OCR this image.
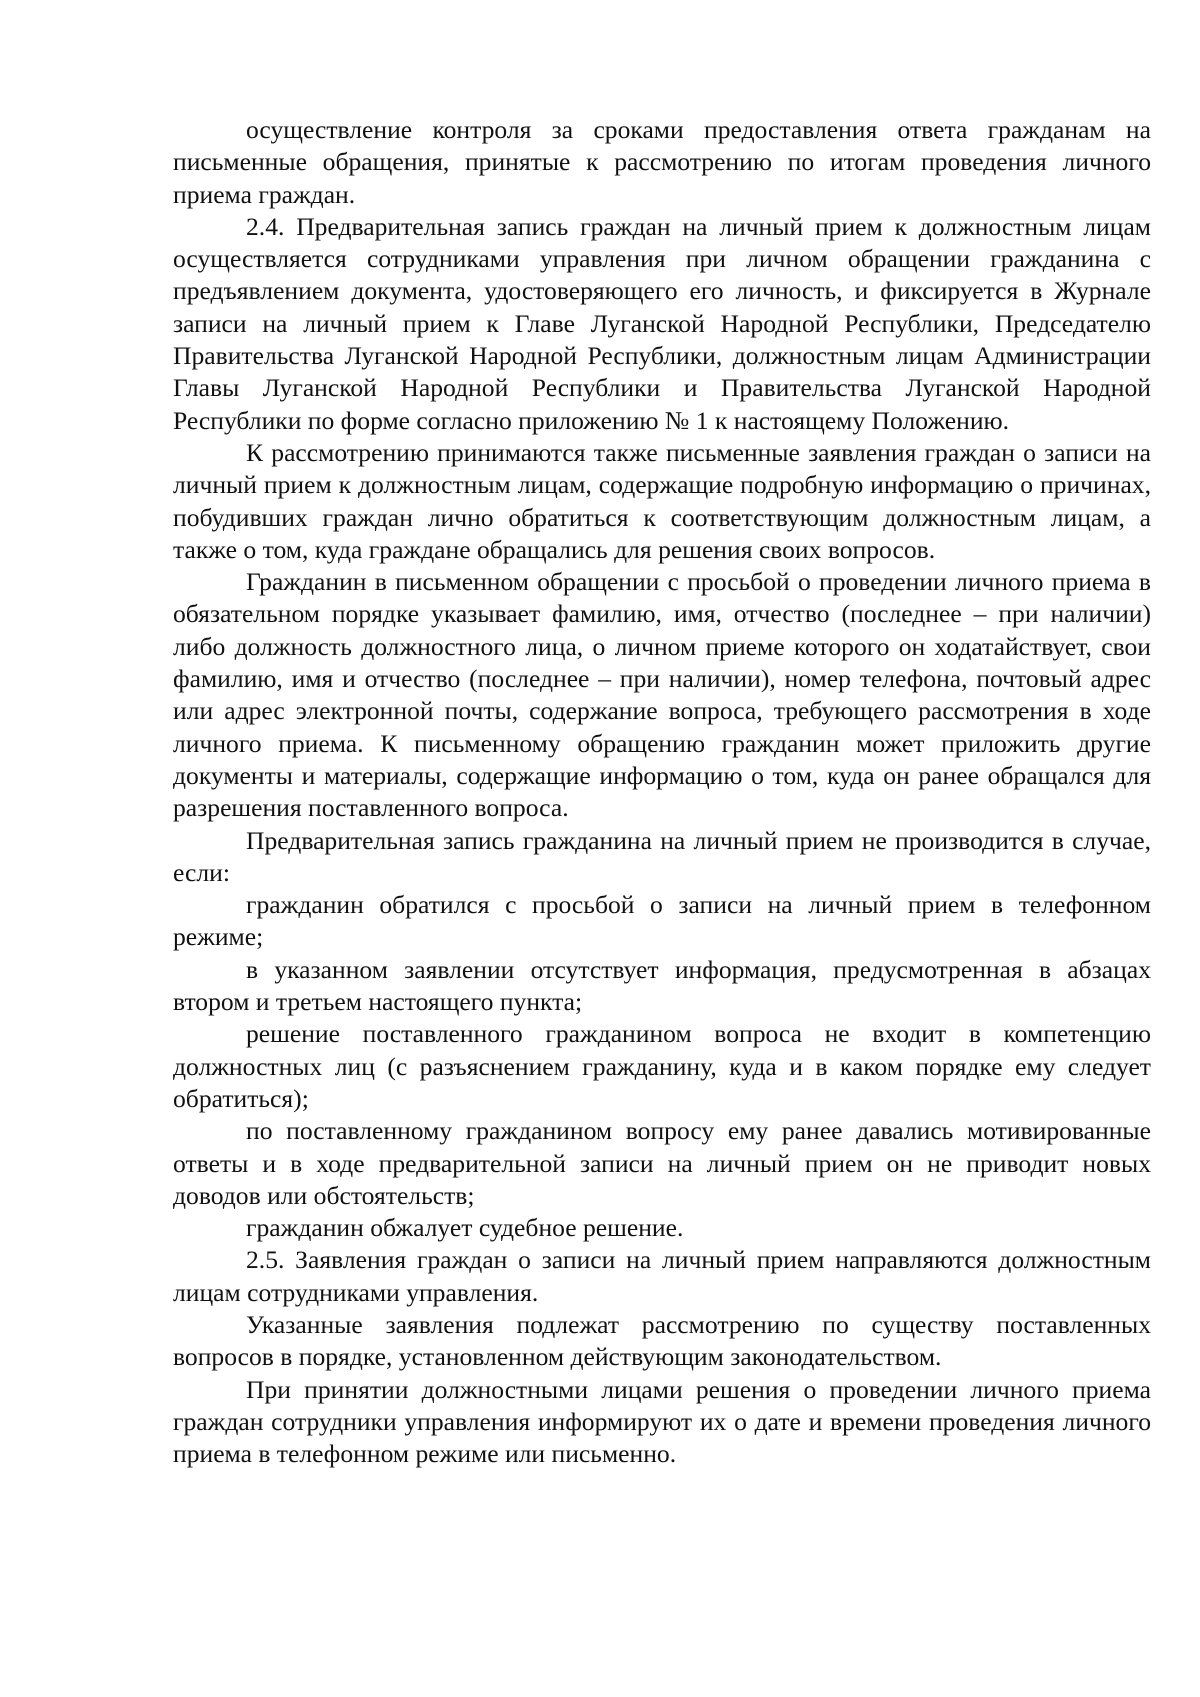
осуществление контроля за сроками предоставления ответа гражданам на письменные обращения, принятые к рассмотрению по итогам проведения личного приема граждан.

2.4. Предварительная запись граждан на личный прием к должностным лицам осуществляется сотрудниками управления при личном обращении гражданина с предъявлением документа, удостоверяющего его личность, и фиксируется в Журнале записи на личный прием к Главе Луганской Народной Республики, Председателю Правительства Луганской Народной Республики, должностным лицам Администрации Главы Луганской Народной Республики и Правительства Луганской Народной Республики по форме согласно приложению № 1 к настоящему Положению.

К рассмотрению принимаются также письменные заявления граждан о записи на личный прием к должностным лицам, содержащие подробную информацию о причинах, побудивших граждан лично обратиться к соответствующим должностным лицам, а также о том, куда граждане обращались для решения своих вопросов.

Гражданин в письменном обращении с просьбой о проведении личного приема в обязательном порядке указывает фамилию, имя, отчество (последнее – при наличии) либо должность должностного лица, о личном приеме которого он ходатайствует, свои фамилию, имя и отчество (последнее – при наличии), номер телефона, почтовый адрес или адрес электронной почты, содержание вопроса, требующего рассмотрения в ходе личного приема. К письменному обращению гражданин может приложить другие документы и материалы, содержащие информацию о том, куда он ранее обращался для разрешения поставленного вопроса.

Предварительная запись гражданина на личный прием не производится в случае, если:

гражданин обратился с просьбой о записи на личный прием в телефонном режиме;

в указанном заявлении отсутствует информация, предусмотренная в абзацах втором и третьем настоящего пункта;

решение поставленного гражданином вопроса не входит в компетенцию должностных лиц (с разъяснением гражданину, куда и в каком порядке ему следует обратиться);

по поставленному гражданином вопросу ему ранее давались мотивированные ответы и в ходе предварительной записи на личный прием он не приводит новых доводов или обстоятельств;

гражданин обжалует судебное решение.

2.5. Заявления граждан о записи на личный прием направляются должностным лицам сотрудниками управления.

Указанные заявления подлежат рассмотрению по существу поставленных вопросов в порядке, установленном действующим законодательством.

При принятии должностными лицами решения о проведении личного приема граждан сотрудники управления информируют их о дате и времени проведения личного приема в телефонном режиме или письменно.
